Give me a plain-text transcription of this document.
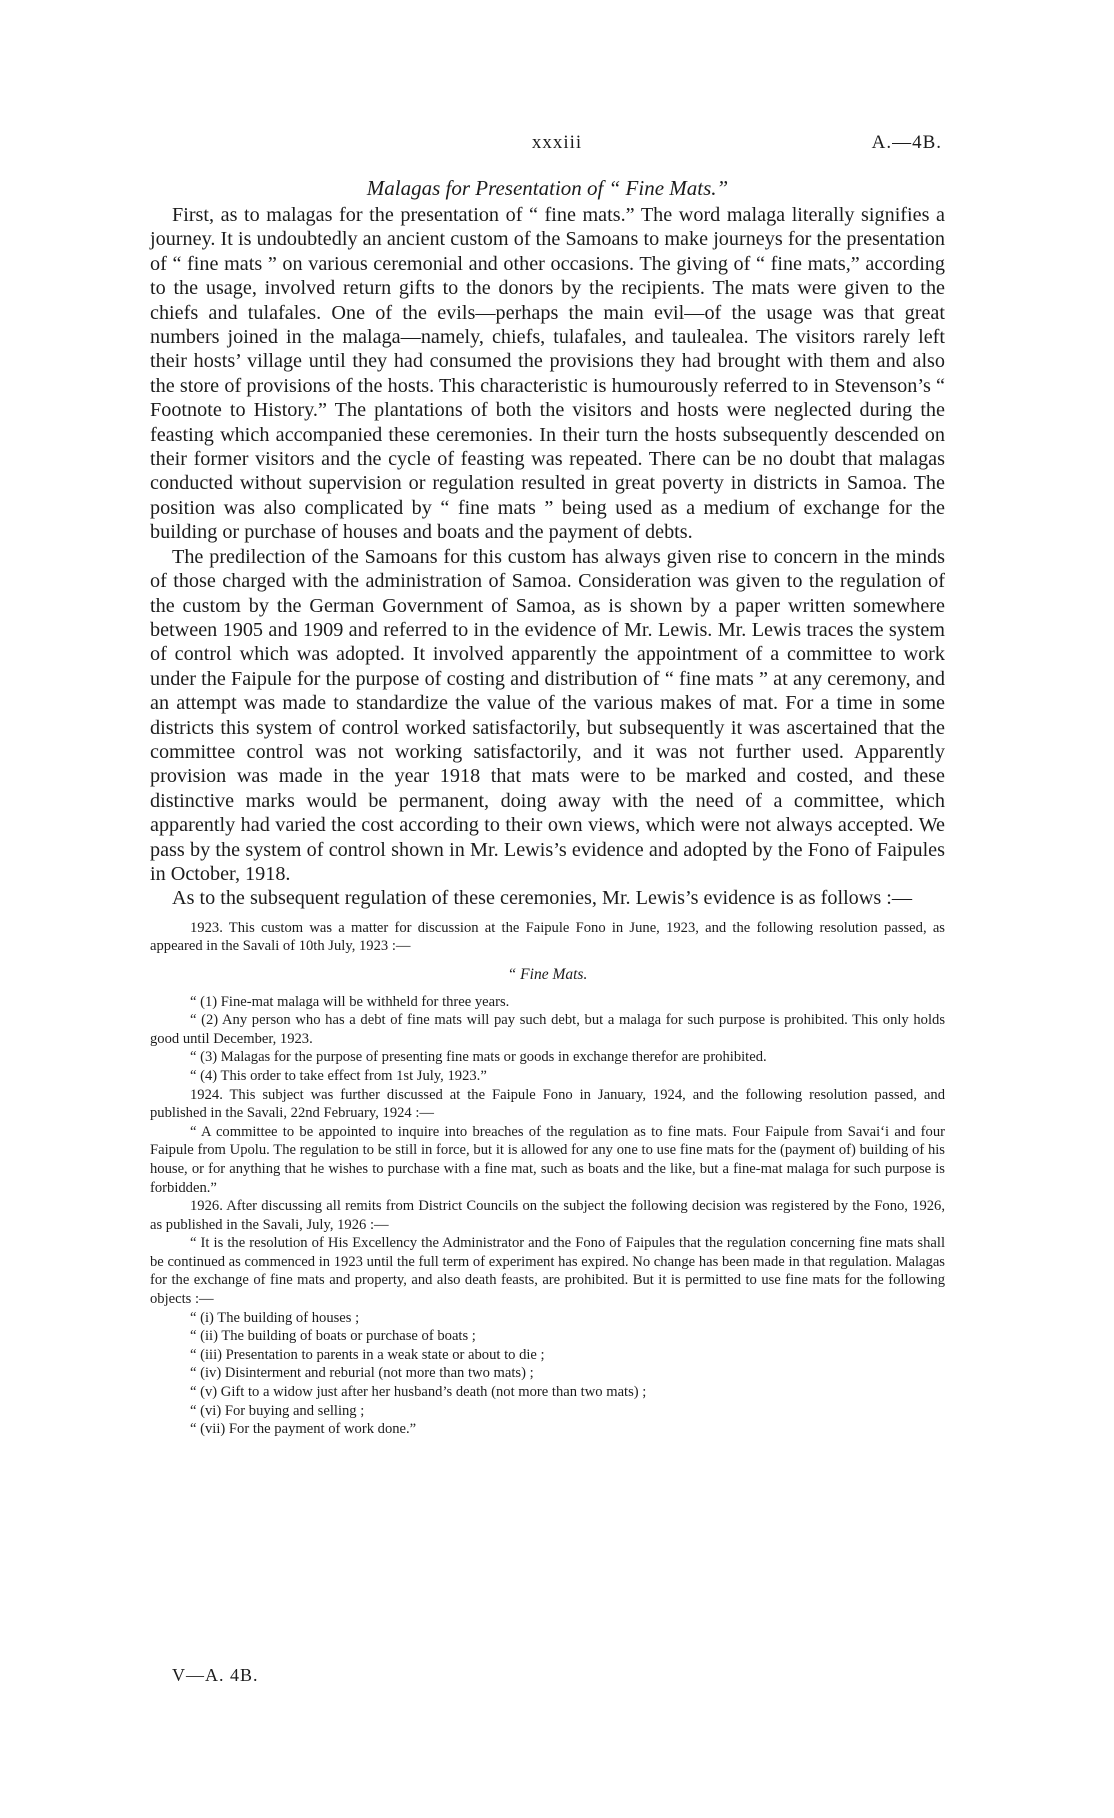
xxxiii	A.—4B.
Malagas for Presentation of “ Fine Mats.”

First, as to malagas for the presentation of “ fine mats.” The word malaga literally signifies a journey. It is undoubtedly an ancient custom of the Samoans to make journeys for the presentation of “ fine mats ” on various ceremonial and other occasions. The giving of “ fine mats,” according to the usage, involved return gifts to the donors by the recipients. The mats were given to the chiefs and tulafales. One of the evils—perhaps the main evil—of the usage was that great numbers joined in the malaga—namely, chiefs, tulafales, and taulealea. The visitors rarely left their hosts’ village until they had consumed the provisions they had brought with them and also the store of provisions of the hosts. This characteristic is humourously referred to in Stevenson’s “ Footnote to History.” The plantations of both the visitors and hosts were neglected during the feasting which accompanied these ceremonies. In their turn the hosts subsequently descended on their former visitors and the cycle of feasting was repeated. There can be no doubt that malagas conducted without supervision or regulation resulted in great poverty in districts in Samoa. The position was also complicated by “ fine mats ” being used as a medium of exchange for the building or purchase of houses and boats and the payment of debts.

The predilection of the Samoans for this custom has always given rise to concern in the minds of those charged with the administration of Samoa. Consideration was given to the regulation of the custom by the German Government of Samoa, as is shown by a paper written somewhere between 1905 and 1909 and referred to in the evidence of Mr. Lewis. Mr. Lewis traces the system of control which was adopted. It involved apparently the appointment of a committee to work under the Faipule for the purpose of costing and distribution of “ fine mats ” at any ceremony, and an attempt was made to standardize the value of the various makes of mat. For a time in some districts this system of control worked satisfactorily, but subsequently it was ascertained that the committee control was not working satisfactorily, and it was not further used. Apparently provision was made in the year 1918 that mats were to be marked and costed, and these distinctive marks would be permanent, doing away with the need of a committee, which apparently had varied the cost according to their own views, which were not always accepted. We pass by the system of control shown in Mr. Lewis’s evidence and adopted by the Fono of Faipules in October, 1918.

As to the subsequent regulation of these ceremonies, Mr. Lewis’s evidence is as follows :—

1923. This custom was a matter for discussion at the Faipule Fono in June, 1923, and the following resolution passed, as appeared in the Savali of 10th July, 1923 :—

“ Fine Mats.

“ (1) Fine-mat malaga will be withheld for three years.

“ (2) Any person who has a debt of fine mats will pay such debt, but a malaga for such purpose is prohibited. This only holds good until December, 1923.

“ (3) Malagas for the purpose of presenting fine mats or goods in exchange therefor are prohibited.

“ (4) This order to take effect from 1st July, 1923.”

1924. This subject was further discussed at the Faipule Fono in January, 1924, and the following resolution passed, and published in the Savali, 22nd February, 1924 :—

“ A committee to be appointed to inquire into breaches of the regulation as to fine mats. Four Faipule from Savai‘i and four Faipule from Upolu. The regulation to be still in force, but it is allowed for any one to use fine mats for the (payment of) building of his house, or for anything that he wishes to purchase with a fine mat, such as boats and the like, but a fine-mat malaga for such purpose is forbidden.”

1926. After discussing all remits from District Councils on the subject the following decision was registered by the Fono, 1926, as published in the Savali, July, 1926 :—

“ It is the resolution of His Excellency the Administrator and the Fono of Faipules that the regulation concerning fine mats shall be continued as commenced in 1923 until the full term of experiment has expired. No change has been made in that regulation. Malagas for the exchange of fine mats and property, and also death feasts, are prohibited. But it is permitted to use fine mats for the following objects :—

“ (i) The building of houses ;

“ (ii) The building of boats or purchase of boats ;

“ (iii) Presentation to parents in a weak state or about to die ;

“ (iv) Disinterment and reburial (not more than two mats) ;

“ (v) Gift to a widow just after her husband’s death (not more than two mats) ;

“ (vi) For buying and selling ;

“ (vii) For the payment of work done.”

V—A. 4B.
